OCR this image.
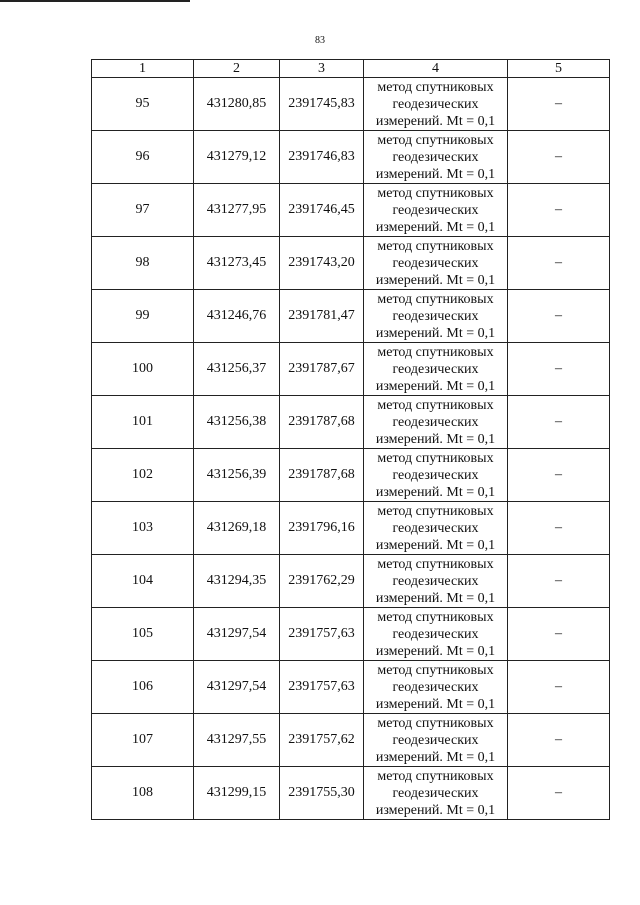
83
1	2	3	4	5
95	431280,85	2391745,83	метод спутниковых
геодезических
измерений. Mt = 0,1	–
96	431279,12	2391746,83	метод спутниковых
геодезических
измерений. Mt = 0,1	–
97	431277,95	2391746,45	метод спутниковых
геодезических
измерений. Mt = 0,1	–
98	431273,45	2391743,20	метод спутниковых
геодезических
измерений. Mt = 0,1	–
99	431246,76	2391781,47	метод спутниковых
геодезических
измерений. Mt = 0,1	–
100	431256,37	2391787,67	метод спутниковых
геодезических
измерений. Mt = 0,1	–
101	431256,38	2391787,68	метод спутниковых
геодезических
измерений. Mt = 0,1	–
102	431256,39	2391787,68	метод спутниковых
геодезических
измерений. Mt = 0,1	–
103	431269,18	2391796,16	метод спутниковых
геодезических
измерений. Mt = 0,1	–
104	431294,35	2391762,29	метод спутниковых
геодезических
измерений. Mt = 0,1	–
105	431297,54	2391757,63	метод спутниковых
геодезических
измерений. Mt = 0,1	–
106	431297,54	2391757,63	метод спутниковых
геодезических
измерений. Mt = 0,1	–
107	431297,55	2391757,62	метод спутниковых
геодезических
измерений. Mt = 0,1	–
108	431299,15	2391755,30	метод спутниковых
геодезических
измерений. Mt = 0,1	–
